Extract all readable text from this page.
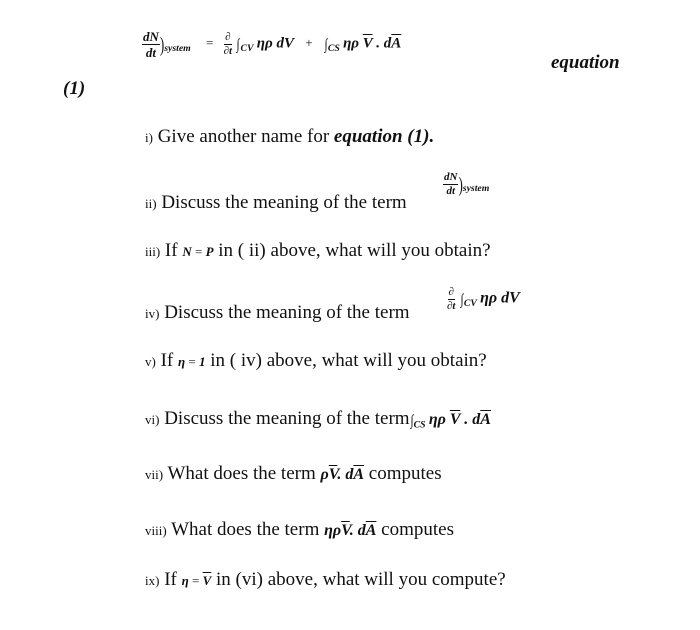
$\frac{dN}{dt} )_{system} = \frac{\partial}{\partial t} \int_{CV}$ ηρ dV + $\int_{CS}$ ηρ $\overline{V}$ . $d\overline{A}$
equation
(1)
i) Give another name for equation (1).
ii) Discuss the meaning of the term
$\frac{dN}{dt} )_{system}$
iii) If N = P in ( ii) above, what will you obtain?
iv) Discuss the meaning of the term
$\frac{\partial}{\partial t} \int_{CV}$ ηρ dV
v) If η = 1 in ( iv) above, what will you obtain?
vi) Discuss the meaning of the $term\int_{CS}$ ηρ $\overline{V}$ . $d\overline{A}$
vii) What does the term $\rho\overline{V}$. $d\overline{A}$ computes
viii) What does the term $\eta\rho\overline{V}$. $d\overline{A}$ computes
ix) If $\eta = \overline{V}$ in (vi) above, what will you compute?
